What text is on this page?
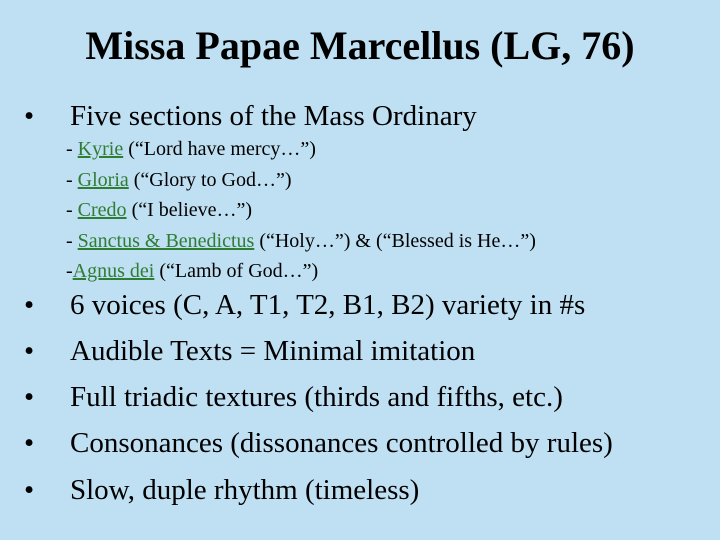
Missa Papae Marcellus (LG, 76)
• Five sections of the Mass Ordinary
- Kyrie (“Lord have mercy…”)
- Gloria (“Glory to God…”)
- Credo (“I believe…”)
- Sanctus & Benedictus (“Holy…”) & (“Blessed is He…”)
-Agnus dei (“Lamb of God…”)
• 6 voices (C, A, T1, T2, B1, B2) variety in #s
• Audible Texts = Minimal imitation
• Full triadic textures (thirds and fifths, etc.)
• Consonances (dissonances controlled by rules)
• Slow, duple rhythm (timeless)
